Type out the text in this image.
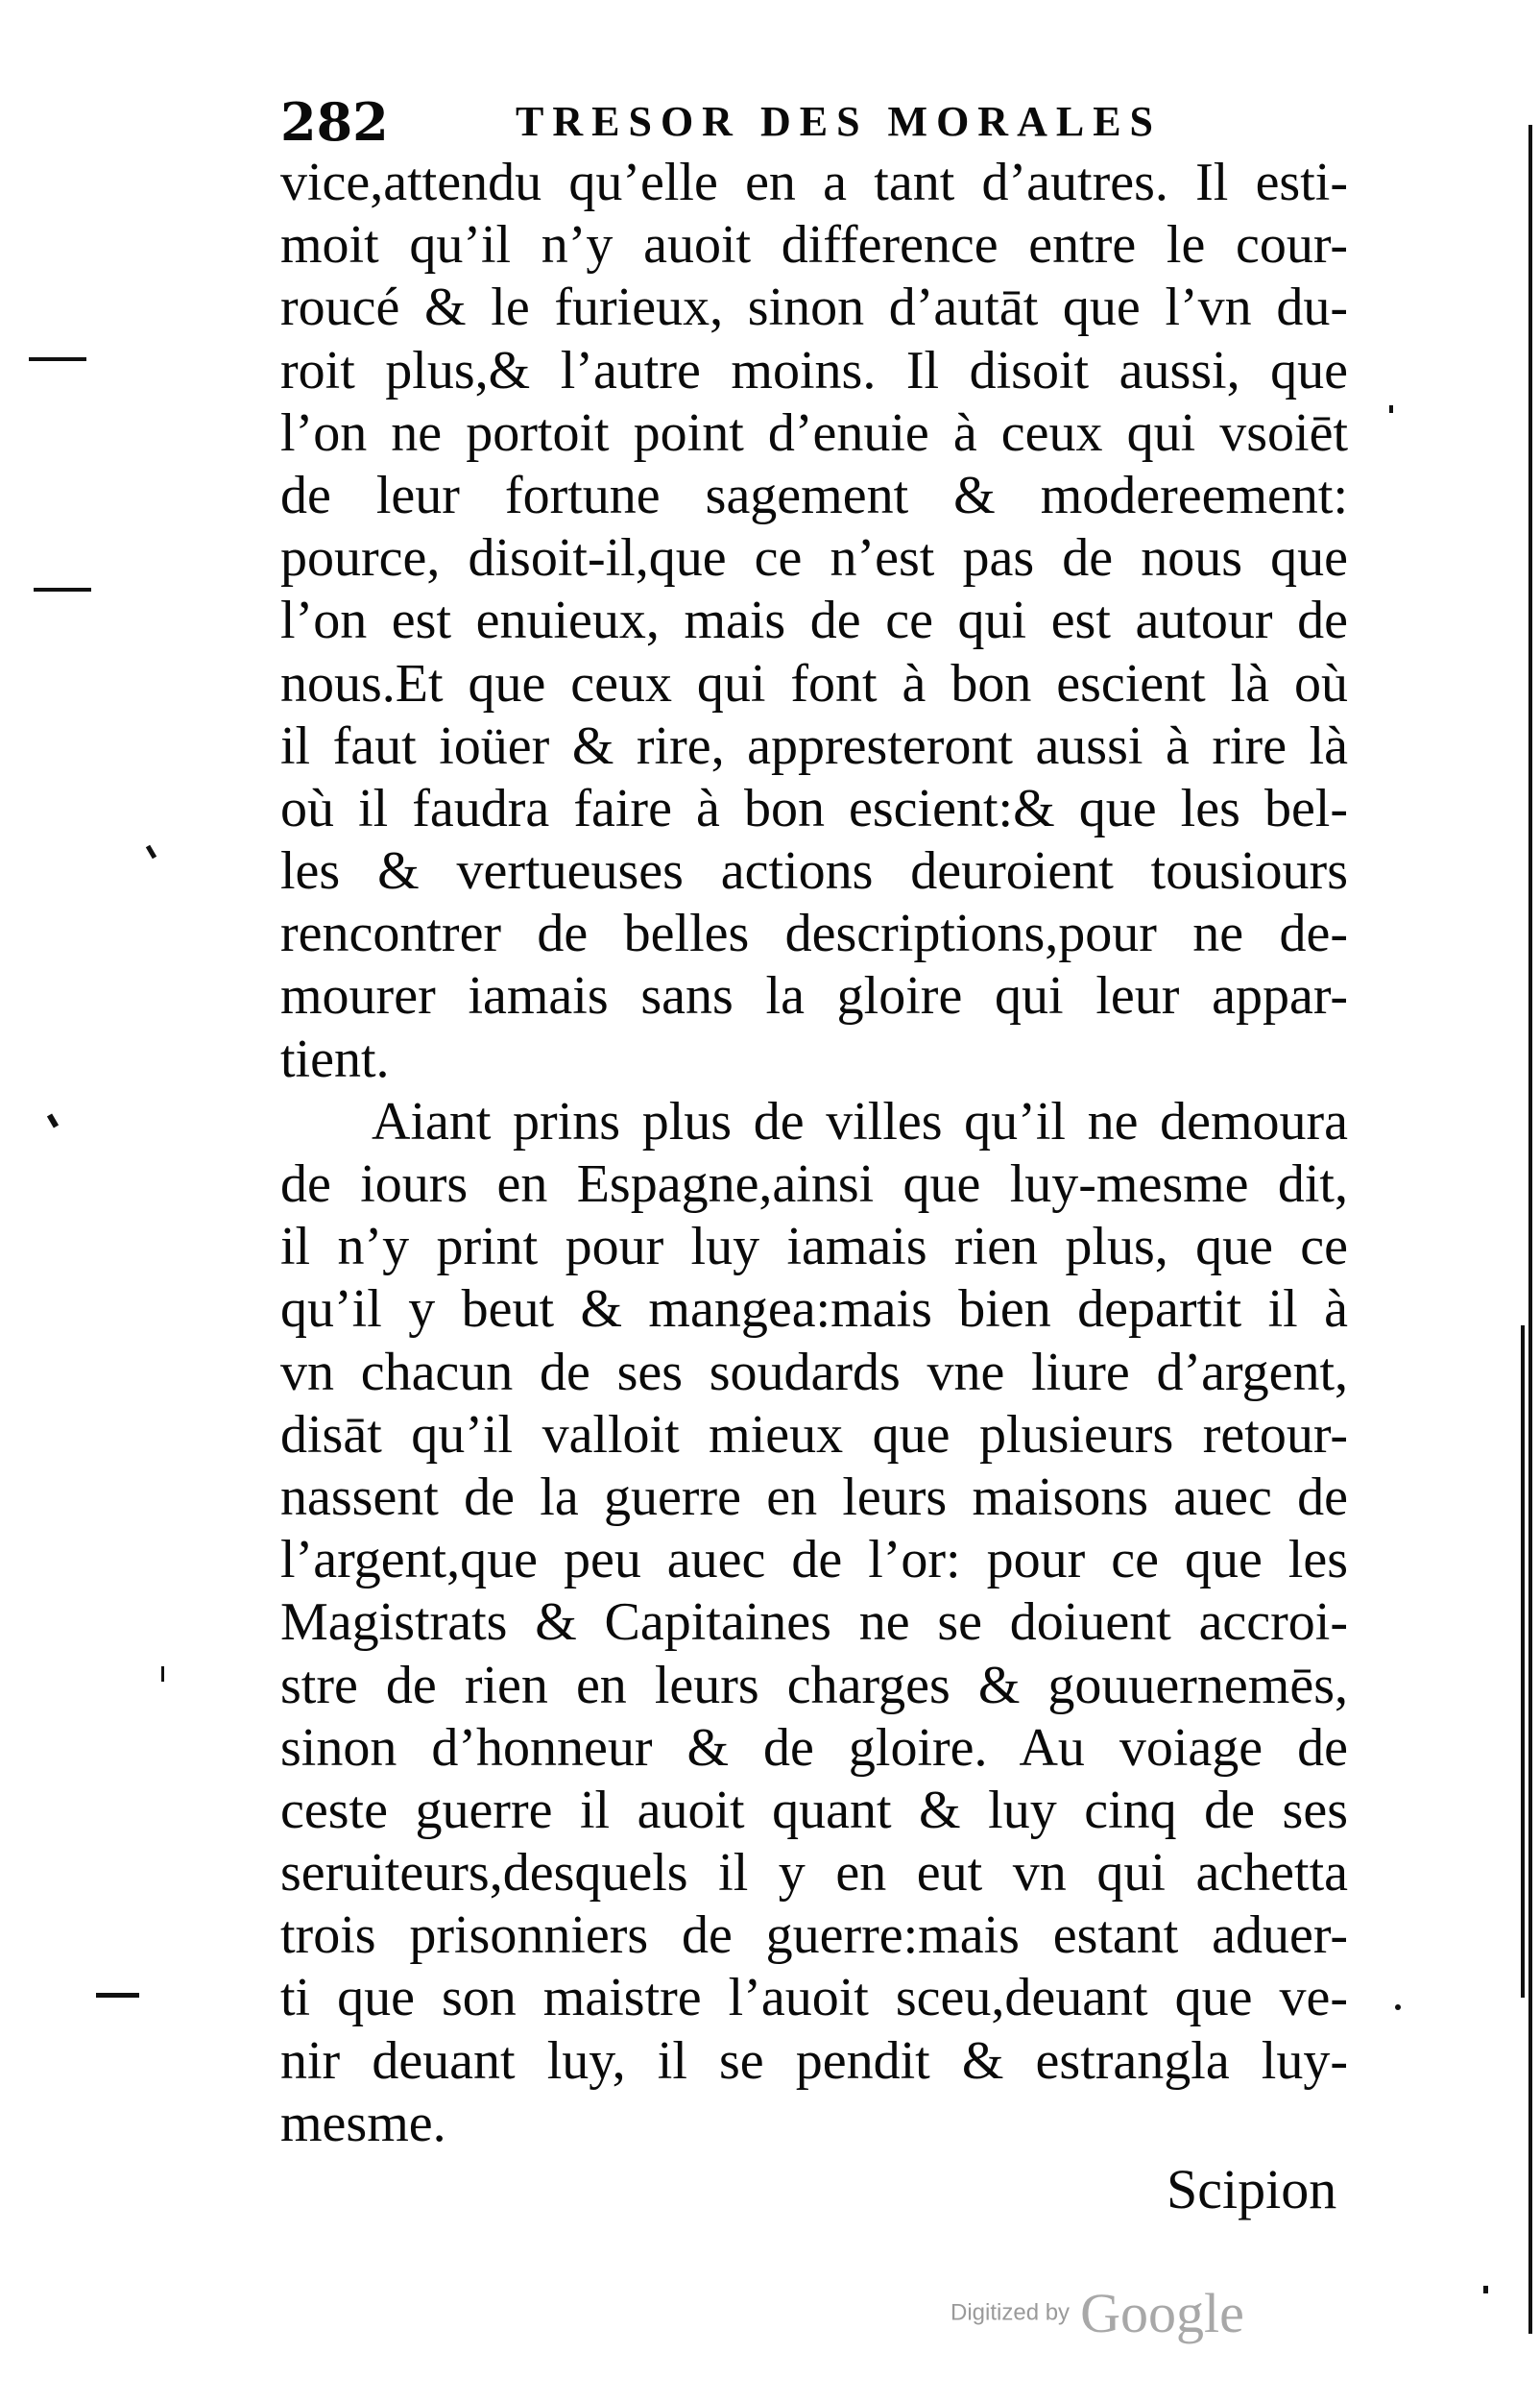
282	TRESOR DES MORALES
vice,attendu qu’elle en a tant d’autres. Il esti-
moit qu’il n’y auoit difference entre le cour-
roucé & le furieux, sinon d’autāt que l’vn du-
roit plus,& l’autre moins. Il disoit aussi, que
l’on ne portoit point d’enuie à ceux qui vsoiēt
de leur fortune sagement & modereement:
pource, disoit-il,que ce n’est pas de nous que
l’on est enuieux, mais de ce qui est autour de
nous.Et que ceux qui font à bon escient là où
il faut ioüer & rire, appresteront aussi à rire là
où il faudra faire à bon escient:& que les bel-
les & vertueuses actions deuroient tousiours
rencontrer de belles descriptions,pour ne de-
mourer iamais sans la gloire qui leur appar-
tient.
Aiant prins plus de villes qu’il ne demoura
de iours en Espagne,ainsi que luy-mesme dit,
il n’y print pour luy iamais rien plus, que ce
qu’il y beut & mangea:mais bien departit il à
vn chacun de ses soudards vne liure d’argent,
disāt qu’il valloit mieux que plusieurs retour-
nassent de la guerre en leurs maisons auec de
l’argent,que peu auec de l’or: pour ce que les
Magistrats & Capitaines ne se doiuent accroi-
stre de rien en leurs charges & gouuernemēs,
sinon d’honneur & de gloire. Au voiage de
ceste guerre il auoit quant & luy cinq de ses
seruiteurs,desquels il y en eut vn qui achetta
trois prisonniers de guerre:mais estant aduer-
ti que son maistre l’auoit sceu,deuant que ve-
nir deuant luy, il se pendit & estrangla luy-
mesme.
Scipion
Digitized by Google
